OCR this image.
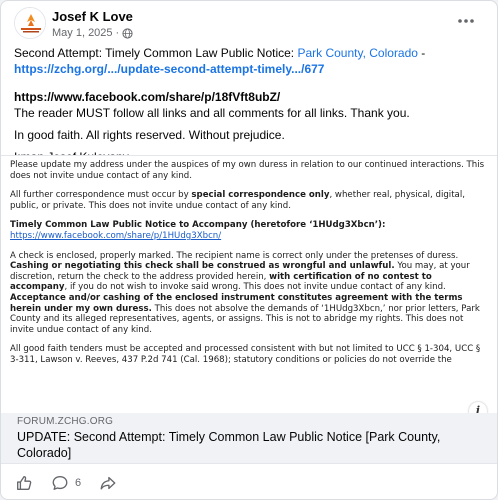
Josef K Love
May 1, 2025 ·

Second Attempt: Timely Common Law Public Notice: Park County, Colorado -

https://zchg.org/.../update-second-attempt-timely.../677

https://www.facebook.com/share/p/18fVft8ubZ/

The reader MUST follow all links and all comments for all links. Thank you.

In good faith. All rights reserved. Without prejudice.

Please update my address under the auspices of my own duress in relation to our continued interactions. This does not invite undue contact of any kind.
All further correspondence must occur by special correspondence only, whether real, physical, digital, public, or private. This does not invite undue contact of any kind.
Timely Common Law Public Notice to Accompany (heretofore ‘1HUdg3Xbcn’):
https://www.facebook.com/share/p/1HUdg3Xbcn/
A check is enclosed, properly marked. The recipient name is correct only under the pretenses of duress. Cashing or negotiating this check shall be construed as wrongful and unlawful. You may, at your discretion, return the check to the address provided herein, with certification of no contest to accompany, if you do not wish to invoke said wrong. This does not invite undue contact of any kind. Acceptance and/or cashing of the enclosed instrument constitutes agreement with the terms herein under my own duress. This does not absolve the demands of ‘1HUdg3Xbcn,’ nor prior letters, Park County and its alleged representatives, agents, or assigns. This is not to abridge my rights. This does not invite undue contact of any kind.
All good faith tenders must be accepted and processed consistent with but not limited to UCC § 1-304, UCC § 3-311, Lawson v. Reeves, 437 P.2d 741 (Cal. 1968); statutory conditions or policies do not override the
i
FORUM.ZCHG.ORG
UPDATE: Second Attempt: Timely Common Law Public Notice [Park County, Colorado]
6
